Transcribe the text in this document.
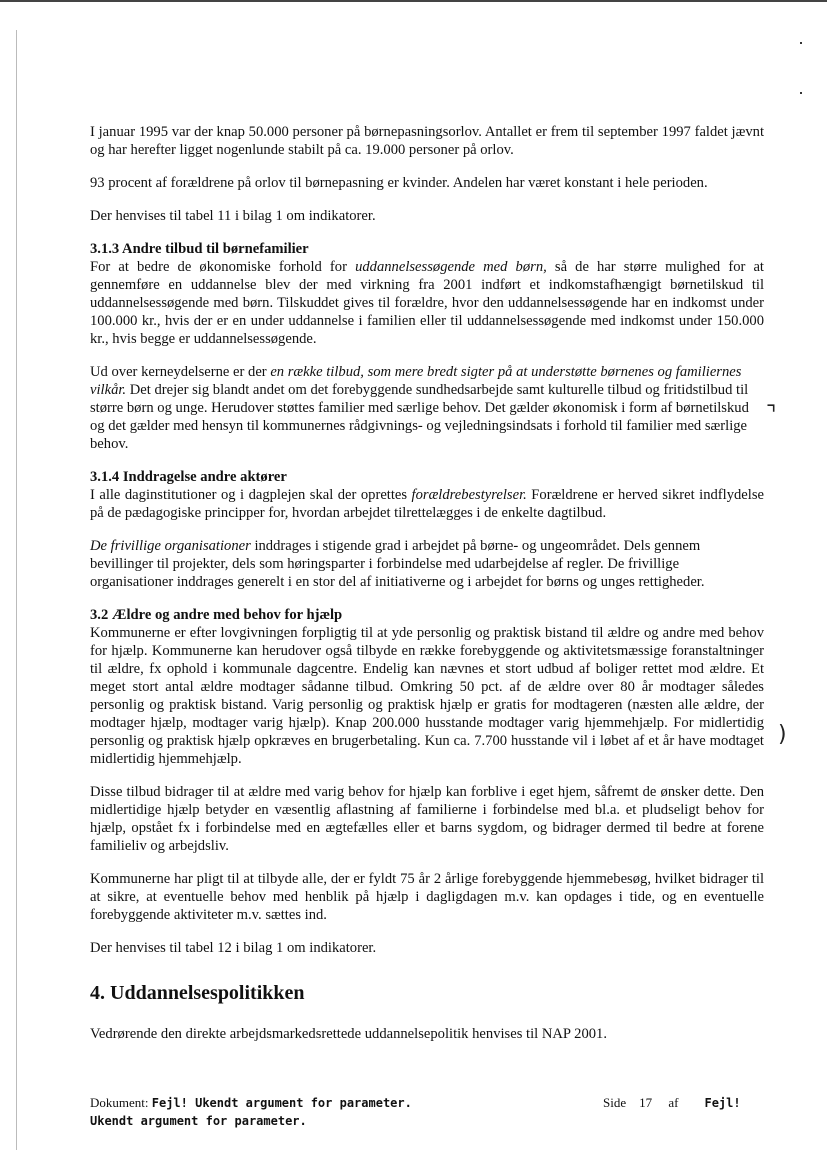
⌝
)

I januar 1995 var der knap 50.000 personer på børnepasningsorlov. Antallet er frem til september 1997 faldet jævnt og har herefter ligget nogenlunde stabilt på ca. 19.000 personer på orlov.

93 procent af forældrene på orlov til børnepasning er kvinder. Andelen har været konstant i hele perioden.

Der henvises til tabel 11 i bilag 1 om indikatorer.

3.1.3 Andre tilbud til børnefamilier

For at bedre de økonomiske forhold for uddannelsessøgende med børn, så de har større mulighed for at gennemføre en uddannelse blev der med virkning fra 2001 indført et indkomstafhængigt børnetilskud til uddannelsessøgende med børn. Tilskuddet gives til forældre, hvor den uddannelsessøgende har en indkomst under 100.000 kr., hvis der er en under uddannelse i familien eller til uddannelsessøgende med indkomst under 150.000 kr., hvis begge er uddannelsessøgende.

Ud over kerneydelserne er der en række tilbud, som mere bredt sigter på at understøtte børnenes og familiernes vilkår. Det drejer sig blandt andet om det forebyggende sundhedsarbejde samt kulturelle tilbud og fritidstilbud til større børn og unge. Herudover støttes familier med særlige behov. Det gælder økonomisk i form af børnetilskud og det gælder med hensyn til kommunernes rådgivnings- og vejledningsindsats i forhold til familier med særlige behov.

3.1.4 Inddragelse andre aktører

I alle daginstitutioner og i dagplejen skal der oprettes forældrebestyrelser. Forældrene er herved sikret indflydelse på de pædagogiske principper for, hvordan arbejdet tilrettelægges i de enkelte dagtilbud.

De frivillige organisationer inddrages i stigende grad i arbejdet på børne- og ungeområdet. Dels gennem bevillinger til projekter, dels som høringsparter i forbindelse med udarbejdelse af regler. De frivillige organisationer inddrages generelt i en stor del af initiativerne og i arbejdet for børns og unges rettigheder.

3.2 Ældre og andre med behov for hjælp

Kommunerne er efter lovgivningen forpligtig til at yde personlig og praktisk bistand til ældre og andre med behov for hjælp. Kommunerne kan herudover også tilbyde en række forebyggende og aktivitetsmæssige foranstaltninger til ældre, fx ophold i kommunale dagcentre. Endelig kan nævnes et stort udbud af boliger rettet mod ældre. Et meget stort antal ældre modtager sådanne tilbud. Omkring 50 pct. af de ældre over 80 år modtager således personlig og praktisk bistand. Varig personlig og praktisk hjælp er gratis for modtageren (næsten alle ældre, der modtager hjælp, modtager varig hjælp). Knap 200.000 husstande modtager varig hjemmehjælp. For midlertidig personlig og praktisk hjælp opkræves en brugerbetaling. Kun ca. 7.700 husstande vil i løbet af et år have modtaget midlertidig hjemmehjælp.

Disse tilbud bidrager til at ældre med varig behov for hjælp kan forblive i eget hjem, såfremt de ønsker dette. Den midlertidige hjælp betyder en væsentlig aflastning af familierne i forbindelse med bl.a. et pludseligt behov for hjælp, opstået fx i forbindelse med en ægtefælles eller et barns sygdom, og bidrager dermed til bedre at forene familieliv og arbejdsliv.

Kommunerne har pligt til at tilbyde alle, der er fyldt 75 år 2 årlige forebyggende hjemmebesøg, hvilket bidrager til at sikre, at eventuelle behov med henblik på hjælp i dagligdagen m.v. kan opdages i tide, og en eventuelle forebyggende aktiviteter m.v. sættes ind.

Der henvises til tabel 12 i bilag 1 om indikatorer.

4. Uddannelsespolitikken

Vedrørende den direkte arbejdsmarkedsrettede uddannelsepolitik henvises til NAP 2001.

Dokument: Fejl! Ukendt argument for parameter.
Ukendt argument for parameter.
Side 17 af Fejl!
